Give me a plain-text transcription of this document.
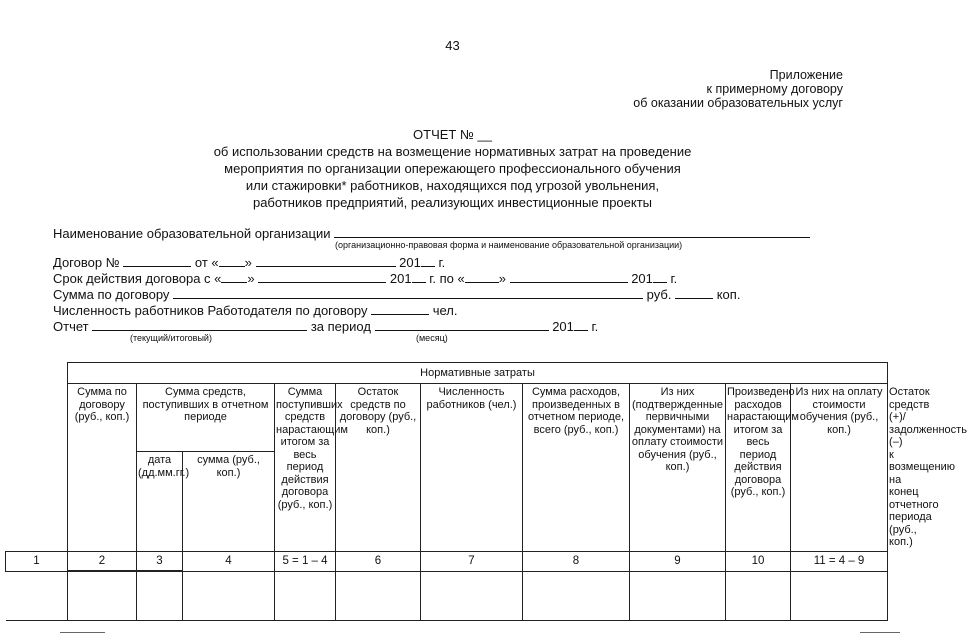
43
Приложение
к примерному договору
об оказании образовательных услуг
ОТЧЕТ № __
об использовании средств на возмещение нормативных затрат на проведение
мероприятия по организации опережающего профессионального обучения
или стажировки* работников, находящихся под угрозой увольнения,
работников предприятий, реализующих инвестиционные проекты
Наименование образовательной организации
(организационно-правовая форма и наименование образовательной организации)
Договор №	от « »	201 г.
Срок действия договора с « »	201 г. по «	»	201 г.
Сумма по договору	руб.	коп.
Численность работников Работодателя по договору	чел.
Отчет	за период	201 г.
(текущий/итоговый)	(месяц)
	Нормативные затраты										
	Сумма по договору (руб., коп.)	Сумма средств, поступивших в отчетном периоде		Сумма поступивших средств нарастающим итогом за весь период действия договора (руб., коп.)	Остаток средств по договору (руб., коп.)	Численность работников (чел.)	Сумма расходов, произведенных в отчетном периоде, всего (руб., коп.)	Из них (подтвержденные первичными документами) на оплату стоимости обучения (руб., коп.)	Произведено расходов нарастающим итогом за весь период действия договора (руб., коп.)	Из них на оплату стоимости обучения (руб., коп.)	Остаток средств (+)/ задолженность (–) к возмещению на конец отчетного периода (руб., коп.)
		дата (дд.мм.гг.)	сумма (руб., коп.)								
1	2	3	4	5 = 1 – 4	6	7	8	9	10	11 = 4 – 9	
